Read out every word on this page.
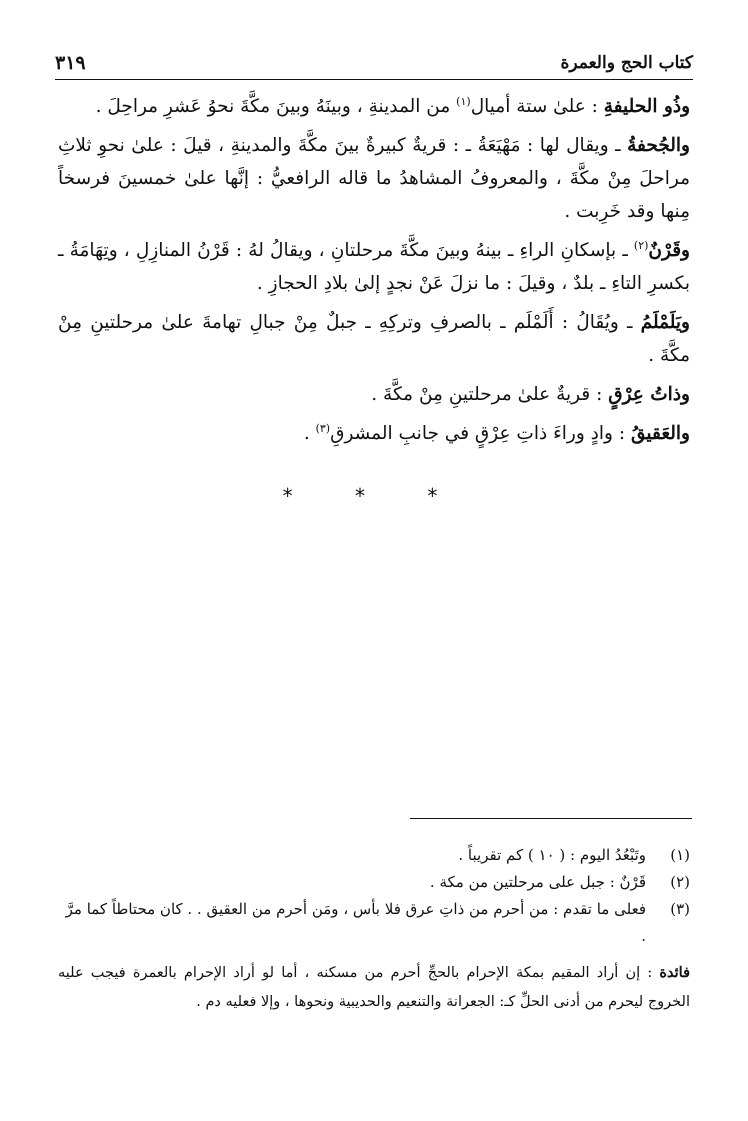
كتاب الحج والعمرة
٣١٩

وذُو الحليفةِ : علىٰ ستة أميال$^{(١)}$ من المدينةِ ، وبينَهُ وبينَ مكَّةَ نحوُ عَشرِ مراحِلَ .

والجُحفةُ ـ ويقال لها : مَهْيَعَةُ ـ : قريةٌ كبيرةٌ بينَ مكَّةَ والمدينةِ ، قيلَ : علىٰ نحوِ ثلاثِ مراحلَ مِنْ مكَّةَ ، والمعروفُ المشاهدُ ما قاله الرافعيُّ : إنَّها علىٰ خمسينَ فرسخاً مِنها وقد خَرِبت .

وقَرْنٌ$^{(٢)}$ ـ بإسكانِ الراءِ ـ بينهُ وبينَ مكَّةَ مرحلتانِ ، ويقالُ لهُ : قَرْنُ المنازِلِ ، وتِهَامَةُ ـ بكسرِ التاءِ ـ بلدٌ ، وقيلَ : ما نزلَ عَنْ نجدٍ إلىٰ بلادِ الحجازِ .

ويَلَمْلَمُ ـ ويُقَالُ : أَلَمْلَم ـ بالصرفِ وتركِهِ ـ جبلٌ مِنْ جبالِ تهامةَ علىٰ مرحلتينِ مِنْ مكَّةَ .

وذاتُ عِرْقٍ : قريةٌ علىٰ مرحلتينِ مِنْ مكَّةَ .

والعَقيقُ : وادٍ وراءَ ذاتِ عِرْقٍ في جانبِ المشرقِ$^{(٣)}$ .

* * *
(١)
وتَبْعُدُ اليوم : ( ١٠ ) كم تقريباً .
(٢)
قَرْنٌ : جبل على مرحلتين من مكة .
(٣)
فعلى ما تقدم : من أحرم من ذاتِ عرق فلا بأس ، ومَن أحرم من العقيق . . كان محتاطاً كما مرَّ .

فائدة : إن أراد المقيم بمكة الإحرام بالحجِّ أحرم من مسكنه ، أما لو أراد الإحرام بالعمرة فيجب عليه الخروج ليحرم من أدنى الحلِّ كـ: الجعرانة والتنعيم والحديبية ونحوها ، وإلا فعليه دم .
